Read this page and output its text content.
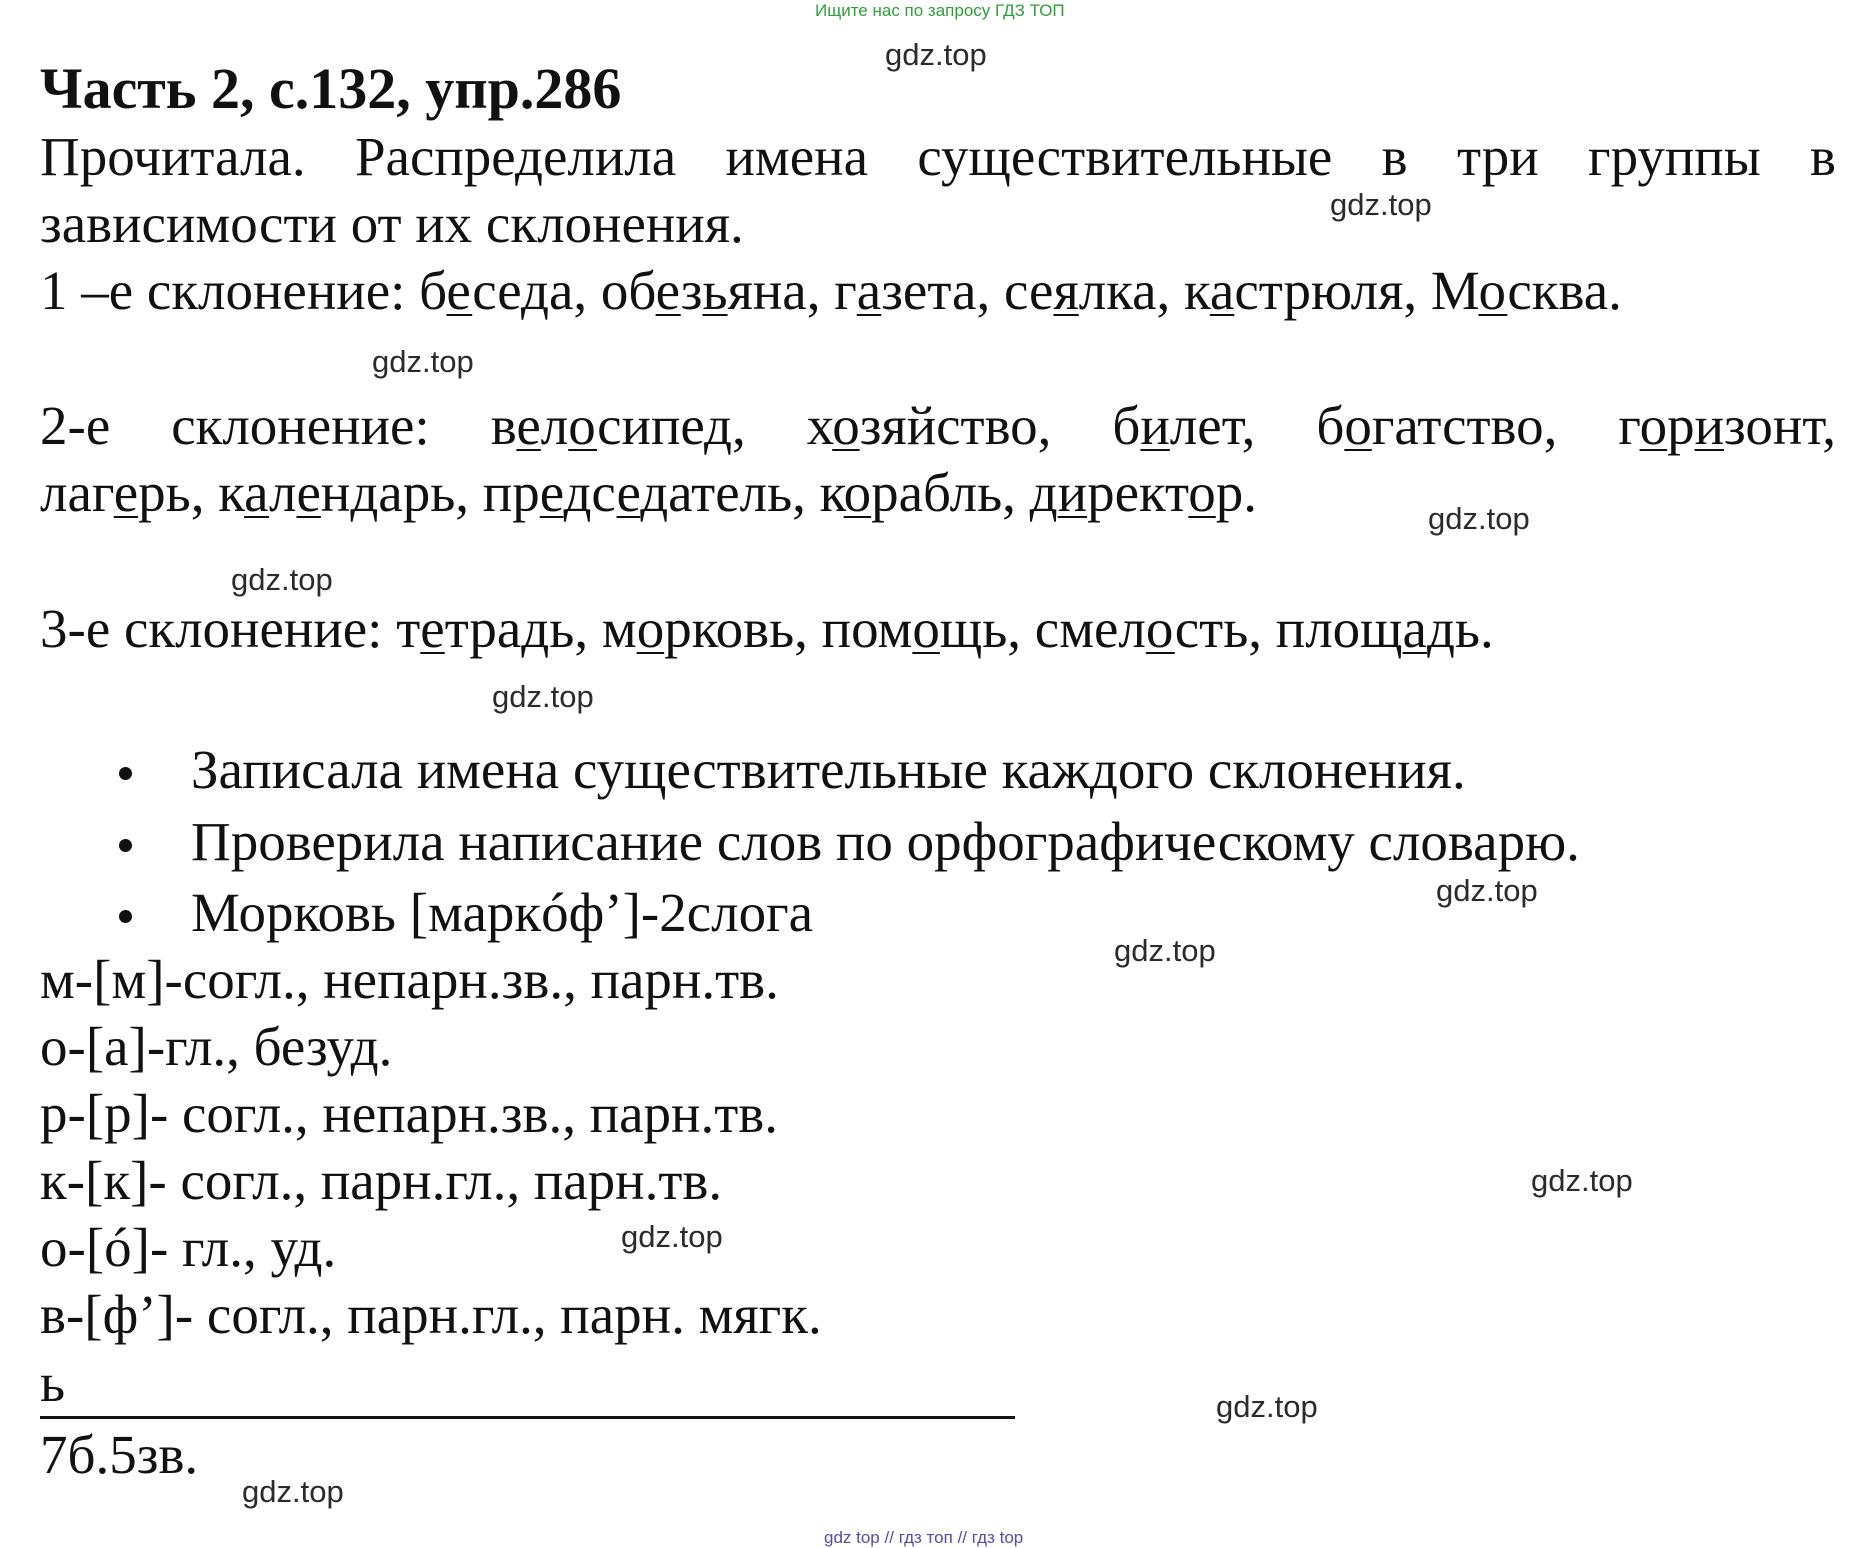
Ищите нас по запросу ГДЗ ТОП
Часть 2, с.132, упр.286
Прочитала. Распределила имена существительные в три группы в
зависимости от их склонения.
1 –е склонение: беседа, обезьяна, газета, сеялка, кастрюля, Москва.
2-е склонение: велосипед, хозяйство, билет, богатство, горизонт,
лагерь, календарь, председатель, корабль, директор.
3-е склонение: тетрадь, морковь, помощь, смелость, площадь.
Записала имена существительные каждого склонения.
Проверила написание слов по орфографическому словарю.
Морковь [маркóф’]-2слога
м-[м]-согл., непарн.зв., парн.тв.
о-[а]-гл., безуд.
р-[р]- согл., непарн.зв., парн.тв.
к-[к]- согл., парн.гл., парн.тв.
о-[ó]- гл., уд.
в-[ф’]- согл., парн.гл., парн. мягк.
ь
7б.5зв.
gdz.top
gdz.top
gdz.top
gdz.top
gdz.top
gdz.top
gdz.top
gdz.top
gdz.top
gdz.top
gdz.top
gdz.top
gdz top // гдз топ // гдз top
